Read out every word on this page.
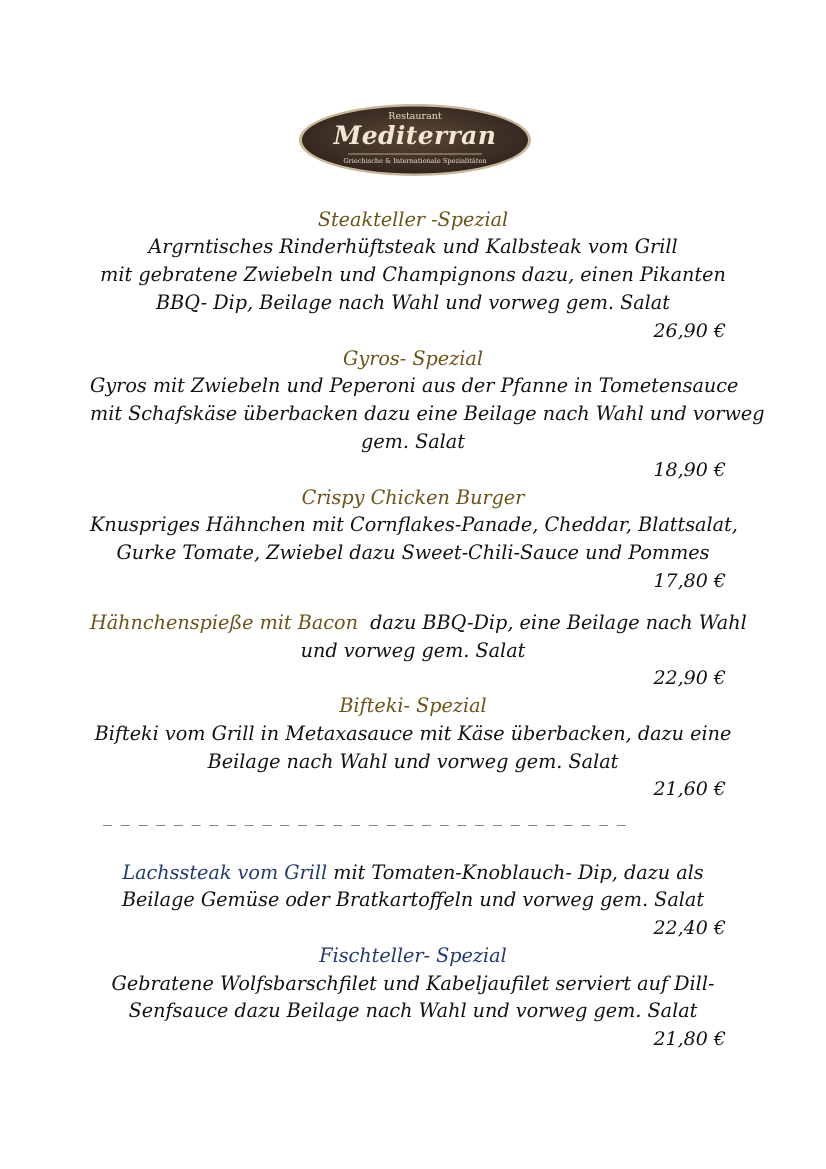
Restaurant
Mediterran
Griechische & Internationale Spezialitäten
Steakteller -Spezial
Argrntisches Rinderhüftsteak und Kalbsteak vom Grill
mit gebratene Zwiebeln und Champignons dazu, einen Pikanten
BBQ- Dip, Beilage nach Wahl und vorweg gem. Salat
26,90 €
Gyros- Spezial
Gyros mit Zwiebeln und Peperoni aus der Pfanne in Tometensauce
mit Schafskäse überbacken dazu eine Beilage nach Wahl und vorweg
gem. Salat
18,90 €
Crispy Chicken Burger
Knuspriges Hähnchen mit Cornflakes-Panade, Cheddar, Blattsalat,
Gurke Tomate, Zwiebel dazu Sweet-Chili-Sauce und Pommes
17,80 €
Hähnchenspieße mit Bacon  dazu BBQ-Dip, eine Beilage nach Wahl
und vorweg gem. Salat
22,90 €
Bifteki- Spezial
Bifteki vom Grill in Metaxasauce mit Käse überbacken, dazu eine
Beilage nach Wahl und vorweg gem. Salat
21,60 €
_ _ _ _ _ _ _ _ _ _ _ _ _ _ _ _ _ _ _ _ _ _ _ _ _ _ _ _ _ _
Lachssteak vom Grill mit Tomaten-Knoblauch- Dip, dazu als
Beilage Gemüse oder Bratkartoffeln und vorweg gem. Salat
22,40 €
Fischteller- Spezial
Gebratene Wolfsbarschfilet und Kabeljaufilet serviert auf Dill-
Senfsauce dazu Beilage nach Wahl und vorweg gem. Salat
21,80 €
